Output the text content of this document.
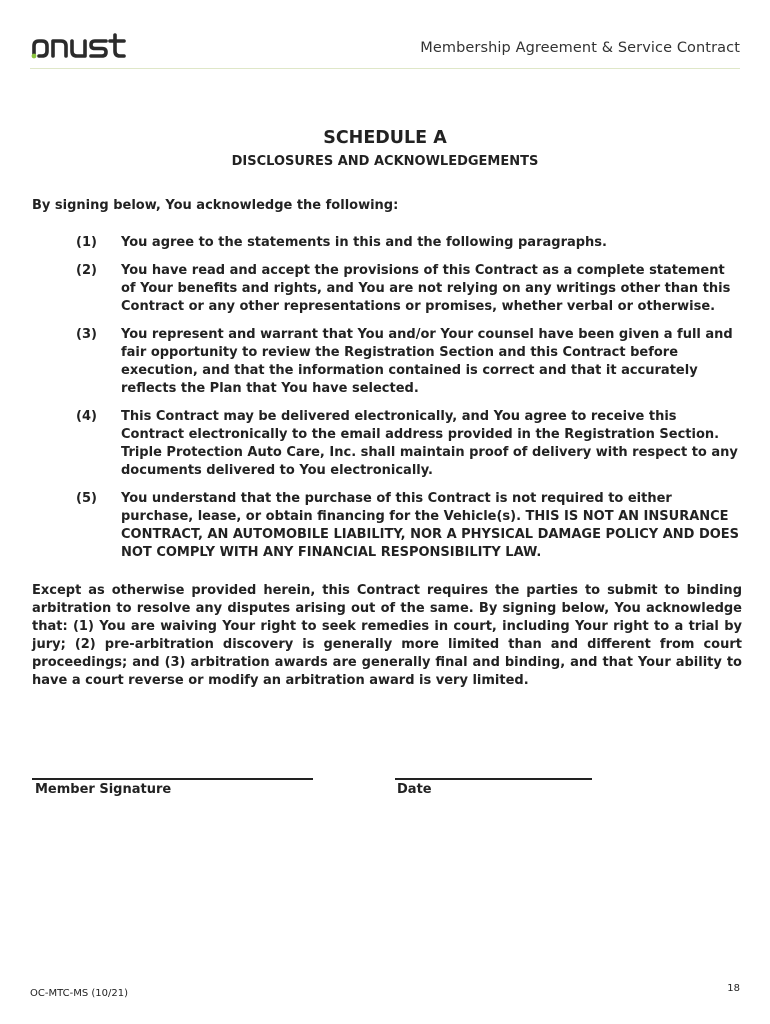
Membership Agreement & Service Contract
SCHEDULE A
DISCLOSURES AND ACKNOWLEDGEMENTS
By signing below, You acknowledge the following:
(1)	You agree to the statements in this and the following paragraphs.
(2)	You have read and accept the provisions of this Contract as a complete statement of Your benefits and rights, and You are not relying on any writings other than this Contract or any other representations or promises, whether verbal or otherwise.
(3)	You represent and warrant that You and/or Your counsel have been given a full and fair opportunity to review the Registration Section and this Contract before execution, and that the information contained is correct and that it accurately reflects the Plan that You have selected.
(4)	This Contract may be delivered electronically, and You agree to receive this Contract electronically to the email address provided in the Registration Section. Triple Protection Auto Care, Inc. shall maintain proof of delivery with respect to any documents delivered to You electronically.
(5)	You understand that the purchase of this Contract is not required to either purchase, lease, or obtain financing for the Vehicle(s). THIS IS NOT AN INSURANCE CONTRACT, AN AUTOMOBILE LIABILITY, NOR A PHYSICAL DAMAGE POLICY AND DOES NOT COMPLY WITH ANY FINANCIAL RESPONSIBILITY LAW.
Except as otherwise provided herein, this Contract requires the parties to submit to binding arbitration to resolve any disputes arising out of the same. By signing below, You acknowledge that: (1) You are waiving Your right to seek remedies in court, including Your right to a trial by jury; (2) pre-arbitration discovery is generally more limited than and different from court proceedings; and (3) arbitration awards are generally final and binding, and that Your ability to have a court reverse or modify an arbitration award is very limited.
Member Signature	Date
OC-MTC-MS (10/21)	18
